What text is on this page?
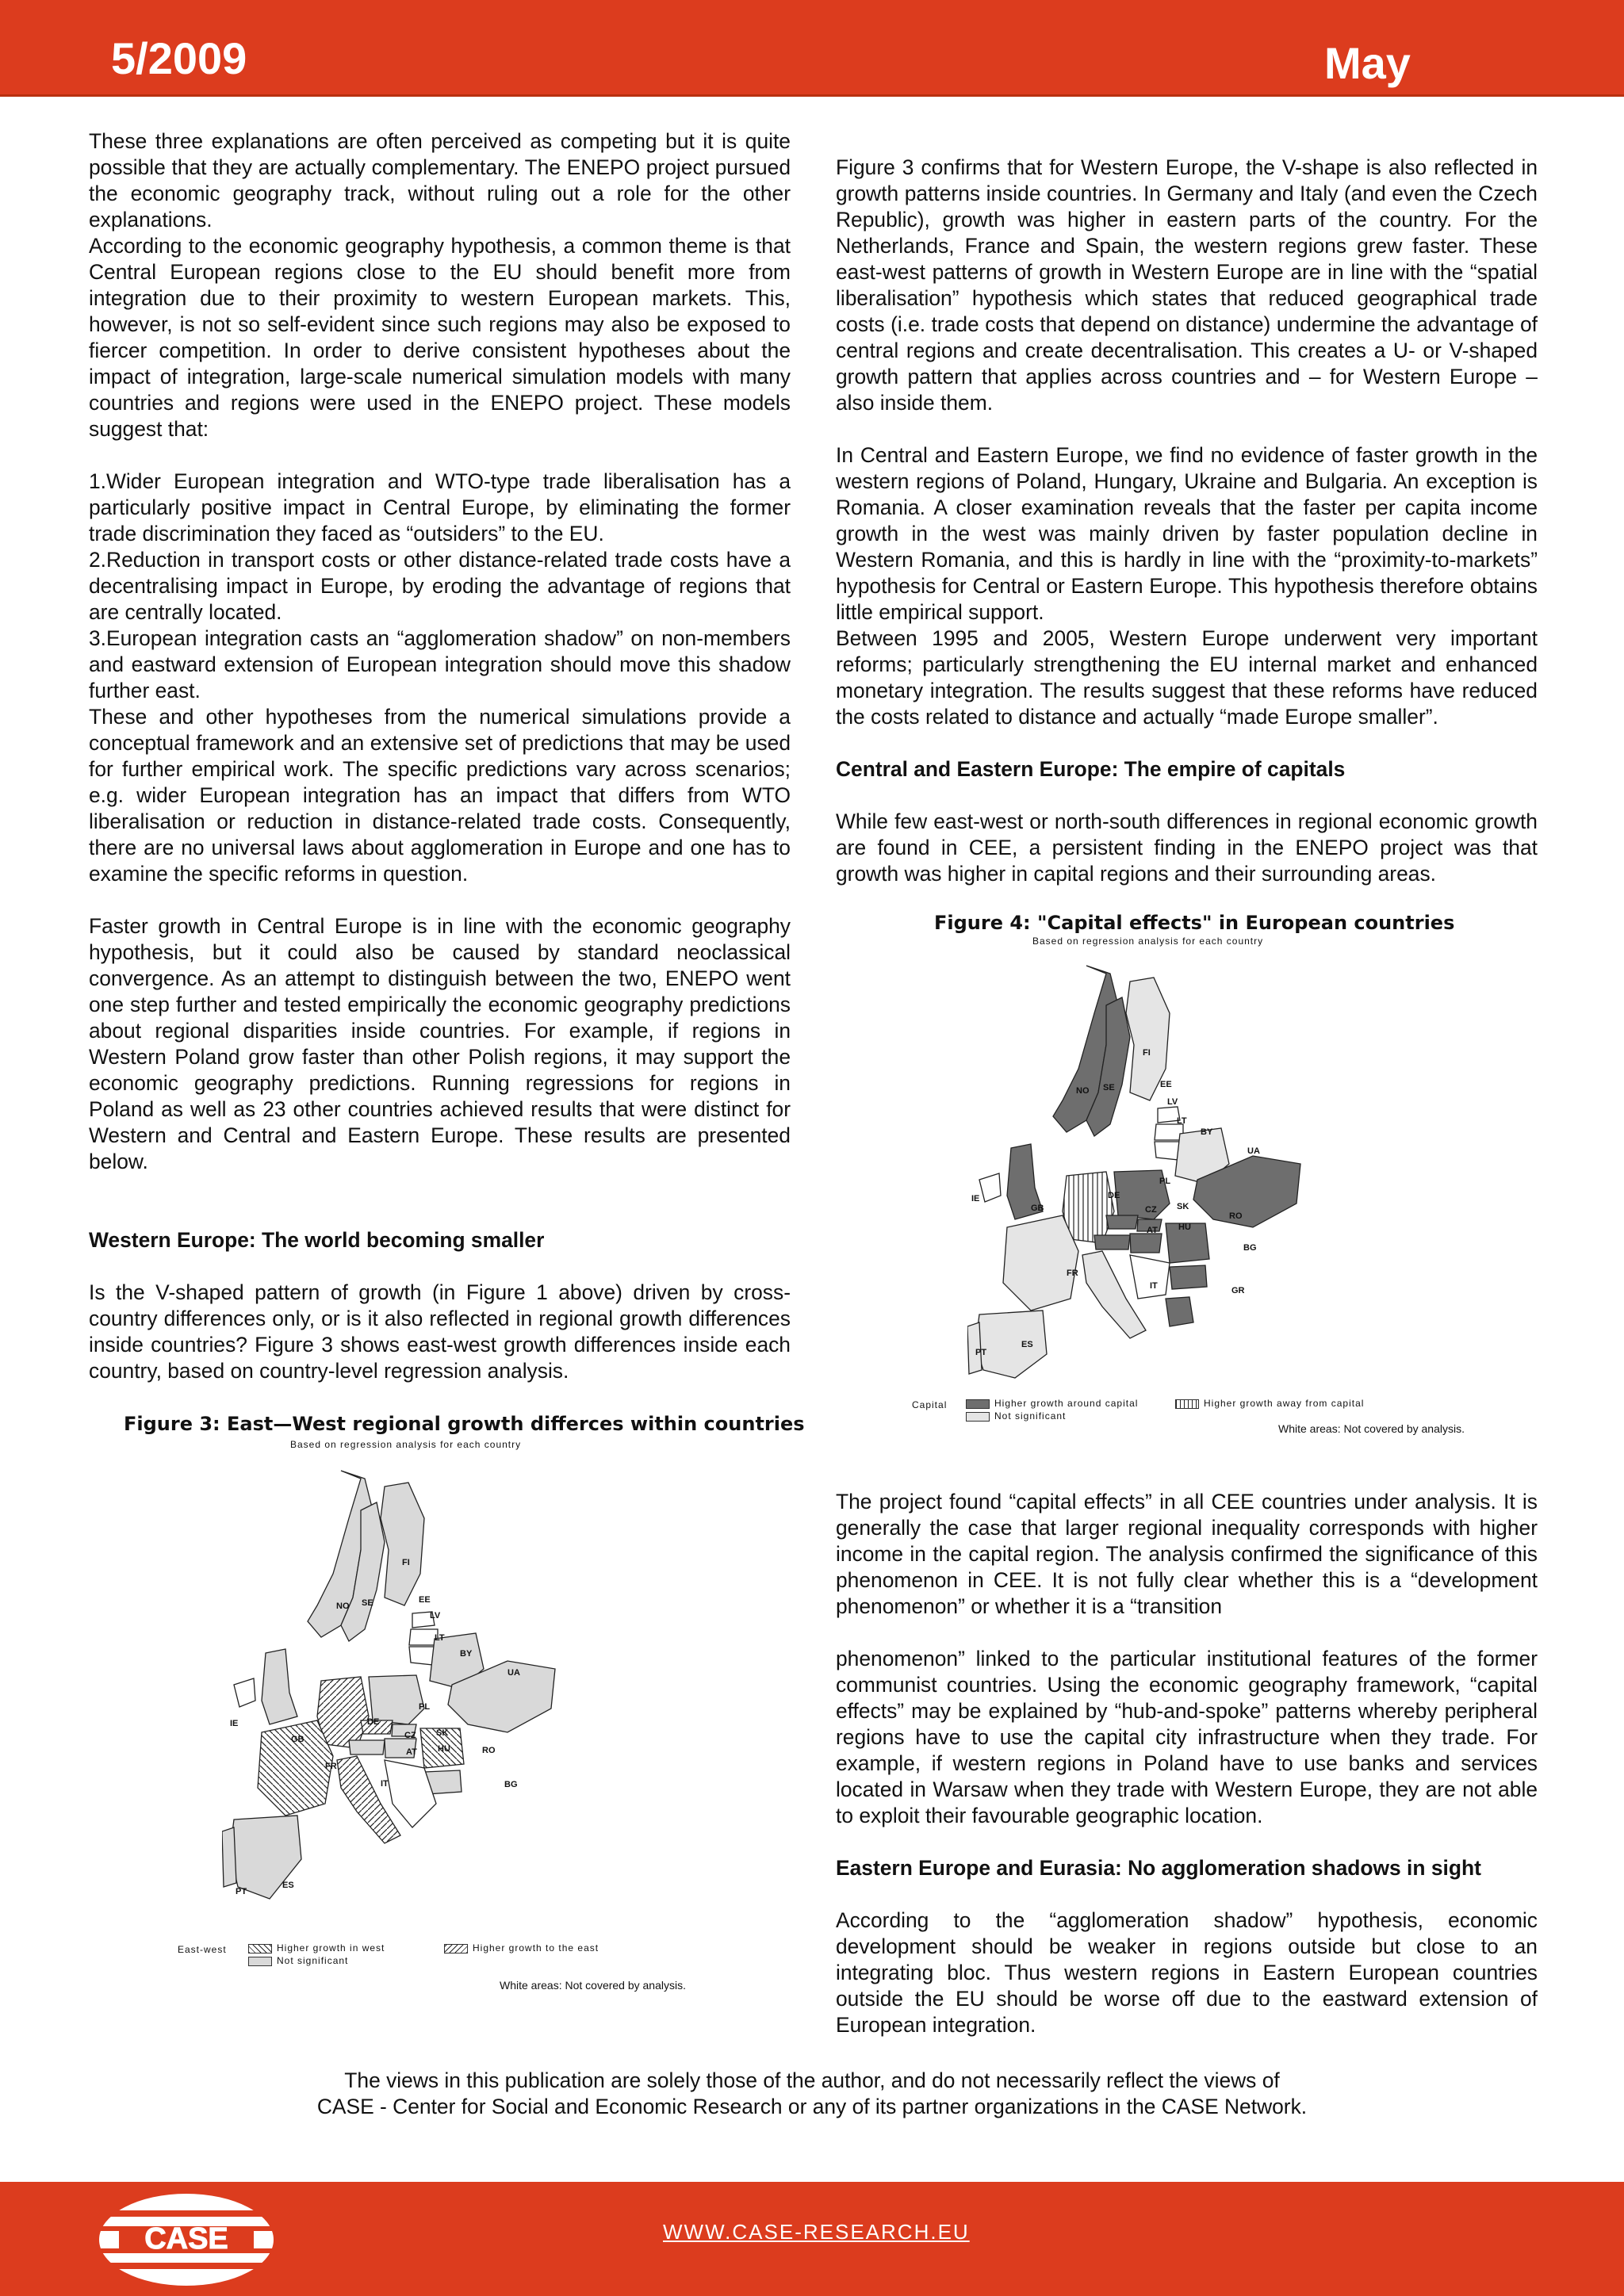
5/2009	May

These three explanations are often perceived as competing but it is quite possible that they are actually complementary. The ENEPO project pursued the economic geography track, without ruling out a role for the other explanations.

According to the economic geography hypothesis, a common theme is that Central European regions close to the EU should benefit more from integration due to their proximity to western European markets. This, however, is not so self-evident since such regions may also be exposed to fiercer competition. In order to derive consistent hypotheses about the impact of integration, large-scale numerical simulation models with many countries and regions were used in the ENEPO project. These models suggest that:

1.Wider European integration and WTO-type trade liberalisation has a particularly positive impact in Central Europe, by eliminating the former trade discrimination they faced as “outsiders” to the EU.

2.Reduction in transport costs or other distance-related trade costs have a decentralising impact in Europe, by eroding the advantage of regions that are centrally located.

3.European integration casts an “agglomeration shadow” on non-members and eastward extension of European integration should move this shadow further east.

These and other hypotheses from the numerical simulations provide a conceptual framework and an extensive set of predictions that may be used for further empirical work. The specific predictions vary across scenarios; e.g. wider European integration has an impact that differs from WTO liberalisation or reduction in distance-related trade costs. Consequently, there are no universal laws about agglomeration in Europe and one has to examine the specific reforms in question.

Faster growth in Central Europe is in line with the economic geography hypothesis, but it could also be caused by standard neoclassical convergence. As an attempt to distinguish between the two, ENEPO went one step further and tested empirically the economic geography predictions about regional disparities inside countries. For example, if regions in Western Poland grow faster than other Polish regions, it may support the economic geography predictions. Running regressions for regions in Poland as well as 23 other countries achieved results that were distinct for Western and Central and Eastern Europe. These results are presented below.

Western Europe: The world becoming smaller

Is the V-shaped pattern of growth (in Figure 1 above) driven by cross-country differences only, or is it also reflected in regional growth differences inside countries? Figure 3 shows east-west growth differences inside each country, based on country-level regression analysis.

Figure 3: East—West regional growth differces within countries
Based on regression analysis for each country
FI
NO SE	EE
LV
LT
BY
UA
IE
GB
DE
PL
CZ SK
AT HU	RO
BG
FR
IT
ES
PT
East-west	Higher growth in west
Not significant
Higher growth to the east
White areas: Not covered by analysis.

Figure 3 confirms that for Western Europe, the V-shape is also reflected in growth patterns inside countries. In Germany and Italy (and even the Czech Republic), growth was higher in eastern parts of the country. For the Netherlands, France and Spain, the western regions grew faster. These east-west patterns of growth in Western Europe are in line with the “spatial liberalisation” hypothesis which states that reduced geographical trade costs (i.e. trade costs that depend on distance) undermine the advantage of central regions and create decentralisation. This creates a U- or V-shaped growth pattern that applies across countries and – for Western Europe – also inside them.

In Central and Eastern Europe, we find no evidence of faster growth in the western regions of Poland, Hungary, Ukraine and Bulgaria. An exception is Romania. A closer examination reveals that the faster per capita income growth in the west was mainly driven by faster population decline in Western Romania, and this is hardly in line with the “proximity-to-markets” hypothesis for Central or Eastern Europe. This hypothesis therefore obtains little empirical support.

Between 1995 and 2005, Western Europe underwent very important reforms; particularly strengthening the EU internal market and enhanced monetary integration. The results suggest that these reforms have reduced the costs related to distance and actually “made Europe smaller”.

Central and Eastern Europe: The empire of capitals

While few east-west or north-south differences in regional economic growth are found in CEE, a persistent finding in the ENEPO project was that growth was higher in capital regions and their surrounding areas.

Figure 4: "Capital effects" in European countries
Based on regression analysis for each country
FI
NO SE	EE
LV
LT
BY
UA
IE
GB
DE
PL
CZ SK
AT HU
RO
BG
FR
IT
ES
PT
GR
Capital	Higher growth around capital
Not significant
Higher growth away from capital
White areas: Not covered by analysis.

The project found “capital effects” in all CEE countries under analysis. It is generally the case that larger regional inequality corresponds with higher income in the capital region. The analysis confirmed the significance of this phenomenon in CEE. It is not fully clear whether this is a “development phenomenon” or whether it is a “transition

phenomenon” linked to the particular institutional features of the former communist countries. Using the economic geography framework, “capital effects” may be explained by “hub-and-spoke” patterns whereby peripheral regions have to use the capital city infrastructure when they trade. For example, if western regions in Poland have to use banks and services located in Warsaw when they trade with Western Europe, they are not able to exploit their favourable geographic location.

Eastern Europe and Eurasia: No agglomeration shadows in sight

According to the “agglomeration shadow” hypothesis, economic development should be weaker in regions outside but close to an integrating bloc. Thus western regions in Eastern European countries outside the EU should be worse off due to the eastward extension of European integration.

The views in this publication are solely those of the author, and do not necessarily reflect the views of
CASE - Center for Social and Economic Research or any of its partner organizations in the CASE Network.
CASE	WWW.CASE-RESEARCH.EU
